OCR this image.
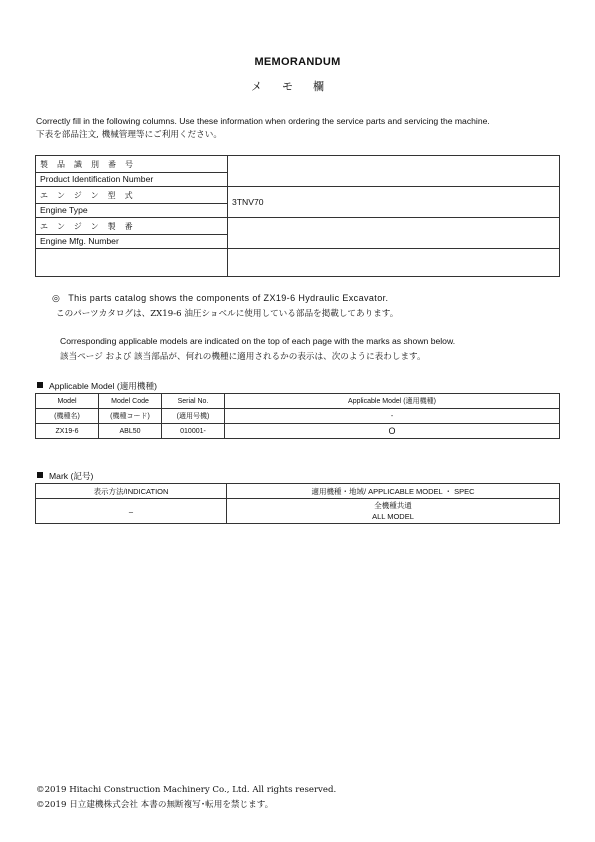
MEMORANDUM
メモ欄
Correctly fill in the following columns. Use these information when ordering the service parts and servicing the machine.
下表を部品注文, 機械管理等にご利用ください。
製品識別番号	
Product Identification Number	
エンジン型式	3TNV70
Engine Type	
エンジン製番	
Engine Mfg. Number	

◎ This parts catalog shows the components of ZX19-6 Hydraulic Excavator.
このパーツカタログは、ZX19-6 油圧ショベルに使用している部品を掲載してあります。
Corresponding applicable models are indicated on the top of each page with the marks as shown below.
該当ページ および 該当部品が、何れの機種に適用されるかの表示は、次のように表わします。
Applicable Model (適用機種)
Model	Model Code	Serial No.	Applicable Model (適用機種)
(機種名)	(機種コード)	(適用号機)	-
ZX19-6	ABL50	010001-	O
Mark (記号)
表示方法/INDICATION	適用機種・地域/ APPLICABLE MODEL ・ SPEC
–	全機種共通
ALL MODEL
©2019 Hitachi Construction Machinery Co., Ltd. All rights reserved.
©2019 日立建機株式会社 本書の無断複写･転用を禁じます。
